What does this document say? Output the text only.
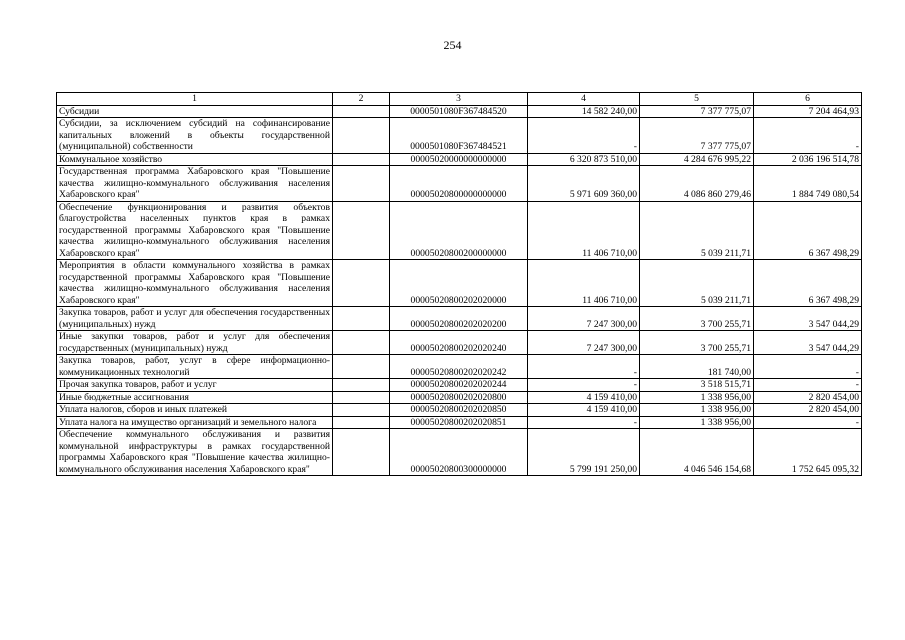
254
1	2	3	4	5	6
Субсидии		0000501080F367484520	14 582 240,00	7 377 775,07	7 204 464,93
Субсидии, за исключением субсидий на софинансирование капитальных вложений в объекты государственной (муниципальной) собственности		0000501080F367484521	-	7 377 775,07	-
Коммунальное хозяйство		00005020000000000000	6 320 873 510,00	4 284 676 995,22	2 036 196 514,78
Государственная программа Хабаровского края "Повышение качества жилищно-коммунального обслуживания населения Хабаровского края"		00005020800000000000	5 971 609 360,00	4 086 860 279,46	1 884 749 080,54
Обеспечение функционирования и развития объектов благоустройства населенных пунктов края в рамках государственной программы Хабаровского края "Повышение качества жилищно-коммунального обслуживания населения Хабаровского края"		00005020800200000000	11 406 710,00	5 039 211,71	6 367 498,29
Мероприятия в области коммунального хозяйства в рамках государственной программы Хабаровского края "Повышение качества жилищно-коммунального обслуживания населения Хабаровского края"		00005020800202020000	11 406 710,00	5 039 211,71	6 367 498,29
Закупка товаров, работ и услуг для обеспечения государственных (муниципальных) нужд		00005020800202020200	7 247 300,00	3 700 255,71	3 547 044,29
Иные закупки товаров, работ и услуг для обеспечения государственных (муниципальных) нужд		00005020800202020240	7 247 300,00	3 700 255,71	3 547 044,29
Закупка товаров, работ, услуг в сфере информационно-коммуникационных технологий		00005020800202020242	-	181 740,00	-
Прочая закупка товаров, работ и услуг		00005020800202020244	-	3 518 515,71	-
Иные бюджетные ассигнования		00005020800202020800	4 159 410,00	1 338 956,00	2 820 454,00
Уплата налогов, сборов и иных платежей		00005020800202020850	4 159 410,00	1 338 956,00	2 820 454,00
Уплата налога на имущество организаций и земельного налога		00005020800202020851	-	1 338 956,00	-
Обеспечение коммунального обслуживания и развития коммунальной инфраструктуры в рамках государственной программы Хабаровского края "Повышение качества жилищно-коммунального обслуживания населения Хабаровского края"		00005020800300000000	5 799 191 250,00	4 046 546 154,68	1 752 645 095,32
